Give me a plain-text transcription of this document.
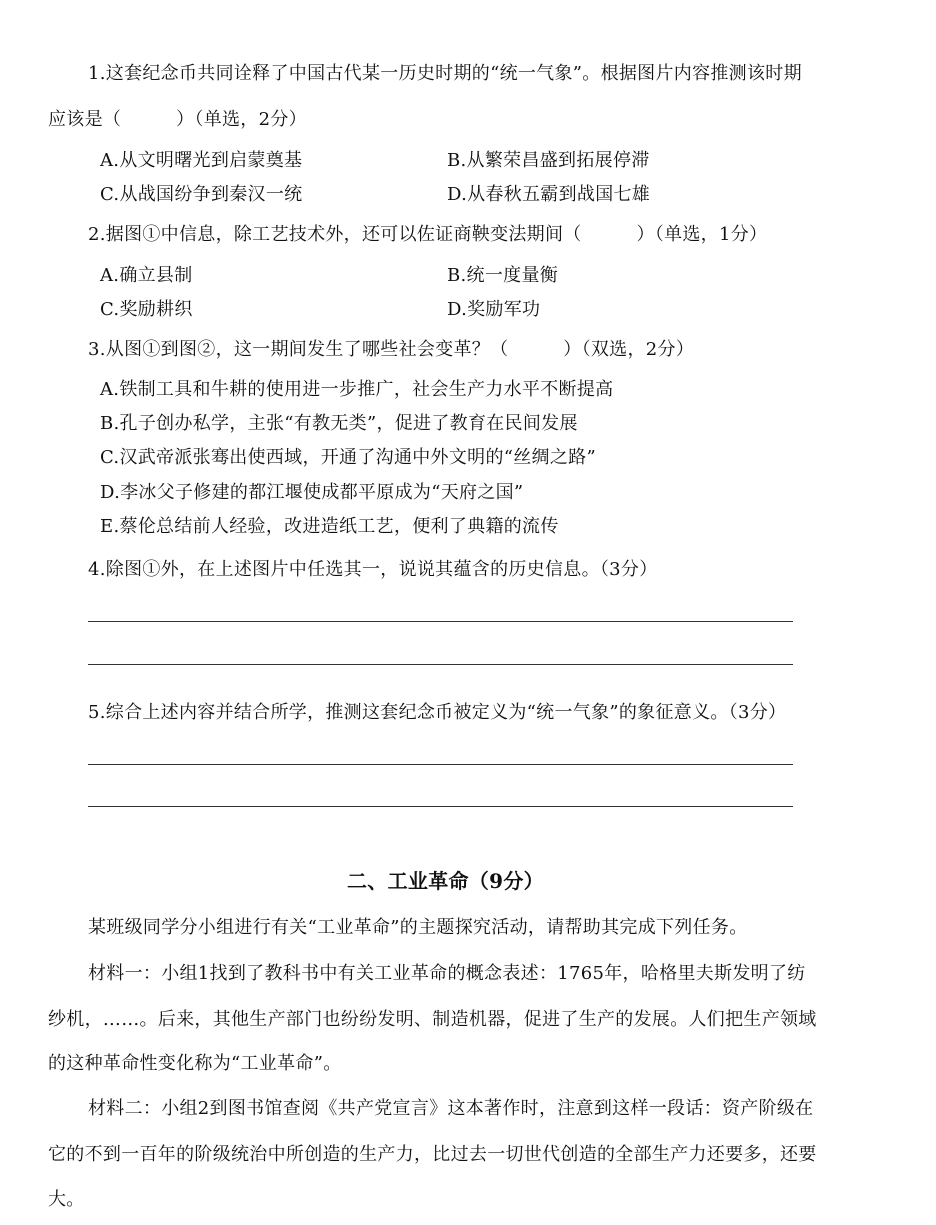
1.这套纪念币共同诠释了中国古代某一历史时期的“统一气象”。根据图片内容推测该时期
应该是（　　　）（单选，2分）
A.从文明曙光到启蒙奠基	B.从繁荣昌盛到拓展停滞
C.从战国纷争到秦汉一统	D.从春秋五霸到战国七雄
2.据图①中信息，除工艺技术外，还可以佐证商鞅变法期间（　　　）（单选，1分）
A.确立县制	B.统一度量衡
C.奖励耕织	D.奖励军功
3.从图①到图②，这一期间发生了哪些社会变革？（　　　）（双选，2分）
A.铁制工具和牛耕的使用进一步推广，社会生产力水平不断提高
B.孔子创办私学，主张“有教无类”，促进了教育在民间发展
C.汉武帝派张骞出使西域，开通了沟通中外文明的“丝绸之路”
D.李冰父子修建的都江堰使成都平原成为“天府之国”
E.蔡伦总结前人经验，改进造纸工艺，便利了典籍的流传
4.除图①外，在上述图片中任选其一，说说其蕴含的历史信息。（3分）
5.综合上述内容并结合所学，推测这套纪念币被定义为“统一气象”的象征意义。（3分）
二、工业革命（9分）
某班级同学分小组进行有关“工业革命”的主题探究活动，请帮助其完成下列任务。
材料一：小组1找到了教科书中有关工业革命的概念表述：1765年，哈格里夫斯发明了纺
纱机，……。后来，其他生产部门也纷纷发明、制造机器，促进了生产的发展。人们把生产领域
的这种革命性变化称为“工业革命”。
材料二：小组2到图书馆查阅《共产党宣言》这本著作时，注意到这样一段话：资产阶级在
它的不到一百年的阶级统治中所创造的生产力，比过去一切世代创造的全部生产力还要多，还要
大。
